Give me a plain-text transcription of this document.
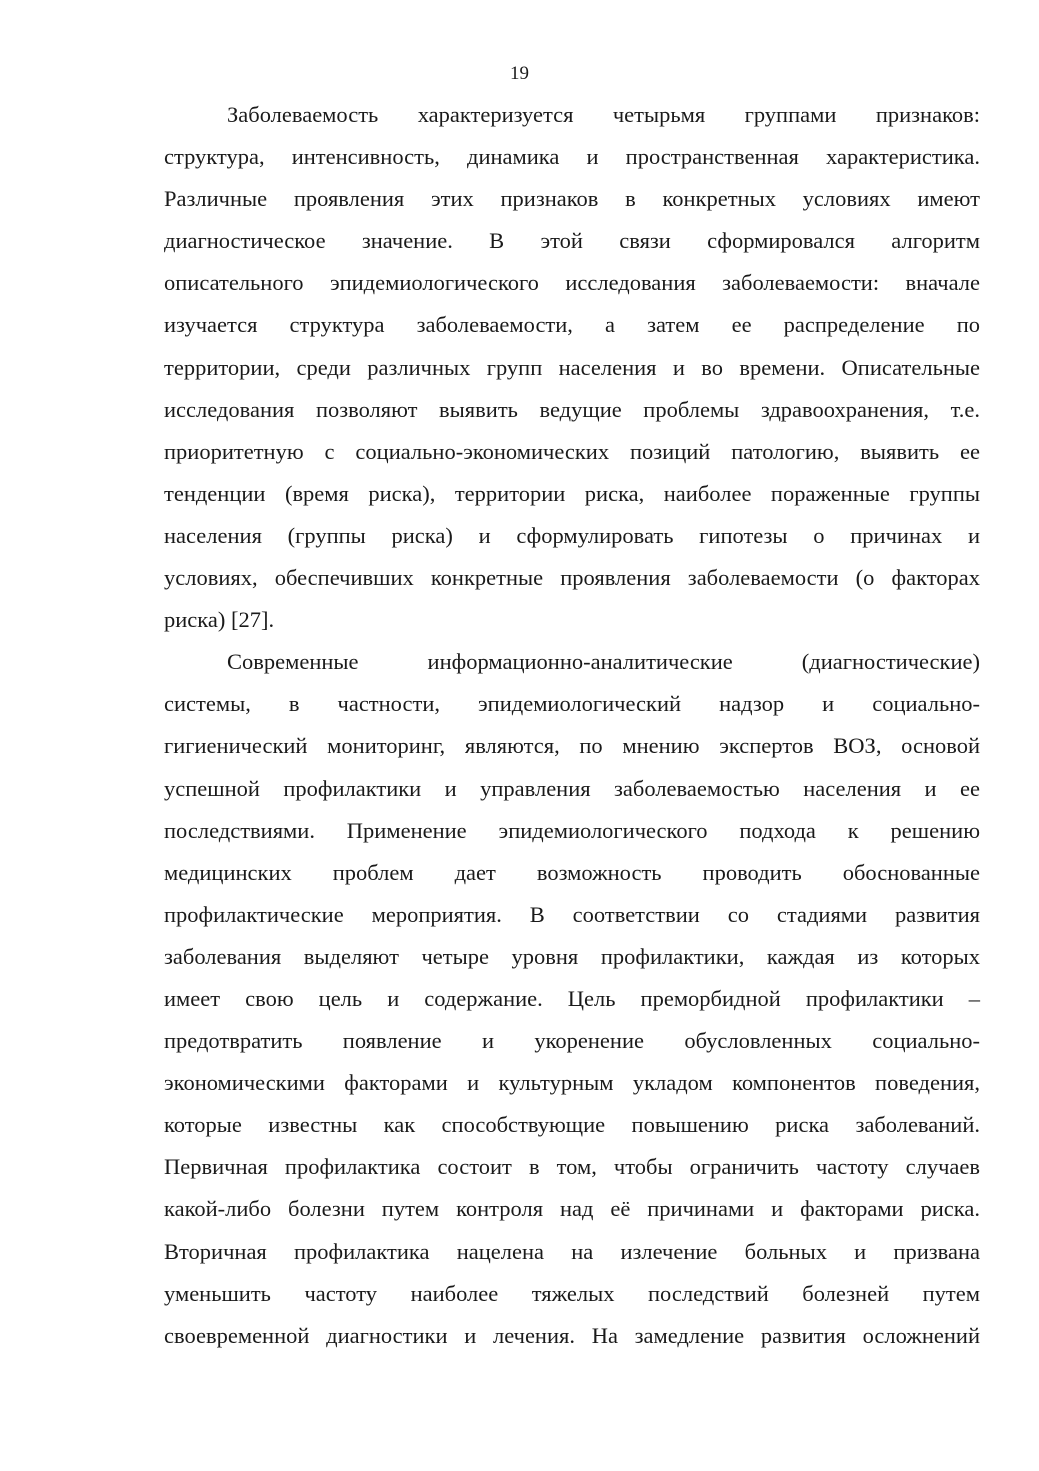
19

Заболеваемость характеризуется четырьмя группами признаков:
структура, интенсивность, динамика и пространственная характеристика.
Различные проявления этих признаков в конкретных условиях имеют
диагностическое значение. В этой связи сформировался алгоритм
описательного эпидемиологического исследования заболеваемости: вначале
изучается структура заболеваемости, а затем ее распределение по
территории, среди различных групп населения и во времени. Описательные
исследования позволяют выявить ведущие проблемы здравоохранения, т.е.
приоритетную с социально-экономических позиций патологию, выявить ее
тенденции (время риска), территории риска, наиболее пораженные группы
населения (группы риска) и сформулировать гипотезы о причинах и
условиях, обеспечивших конкретные проявления заболеваемости (о факторах
риска) [27].

Современные информационно-аналитические (диагностические)
системы, в частности, эпидемиологический надзор и социально-
гигиенический мониторинг, являются, по мнению экспертов ВОЗ, основой
успешной профилактики и управления заболеваемостью населения и ее
последствиями. Применение эпидемиологического подхода к решению
медицинских проблем дает возможность проводить обоснованные
профилактические мероприятия. В соответствии со стадиями развития
заболевания выделяют четыре уровня профилактики, каждая из которых
имеет свою цель и содержание. Цель преморбидной профилактики –
предотвратить появление и укоренение обусловленных социально-
экономическими факторами и культурным укладом компонентов поведения,
которые известны как способствующие повышению риска заболеваний.
Первичная профилактика состоит в том, чтобы ограничить частоту случаев
какой-либо болезни путем контроля над её причинами и факторами риска.
Вторичная профилактика нацелена на излечение больных и призвана
уменьшить частоту наиболее тяжелых последствий болезней путем
своевременной диагностики и лечения. На замедление развития осложнений
